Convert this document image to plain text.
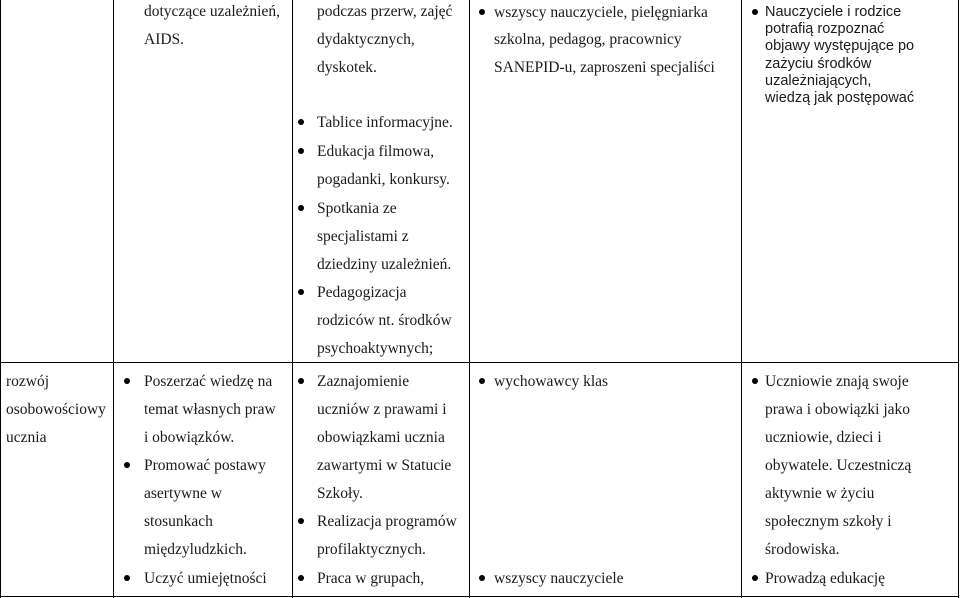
rozwój
osobowościowy
ucznia
dotyczące uzależnień,
AIDS.
Poszerzać wiedzę na
temat własnych praw
i obowiązków.
Promować postawy
asertywne w
stosunkach
międzyludzkich.
Uczyć umiejętności
podczas przerw, zajęć
dydaktycznych,
dyskotek.
Tablice informacyjne.
Edukacja filmowa,
pogadanki, konkursy.
Spotkania ze
specjalistami z
dziedziny uzależnień.
Pedagogizacja
rodziców nt. środków
psychoaktywnych;
Zaznajomienie
uczniów z prawami i
obowiązkami ucznia
zawartymi w Statucie
Szkoły.
Realizacja programów
profilaktycznych.
Praca w grupach,
wszyscy nauczyciele, pielęgniarka
szkolna, pedagog, pracownicy
SANEPID-u, zaproszeni specjaliści
wychowawcy klas
wszyscy nauczyciele
Nauczyciele i rodzice
potrafią rozpoznać
objawy występujące po
zażyciu środków
uzależniających,
wiedzą jak postępować
Uczniowie znają swoje
prawa i obowiązki jako
uczniowie, dzieci i
obywatele. Uczestniczą
aktywnie w życiu
społecznym szkoły i
środowiska.
Prowadzą edukację
